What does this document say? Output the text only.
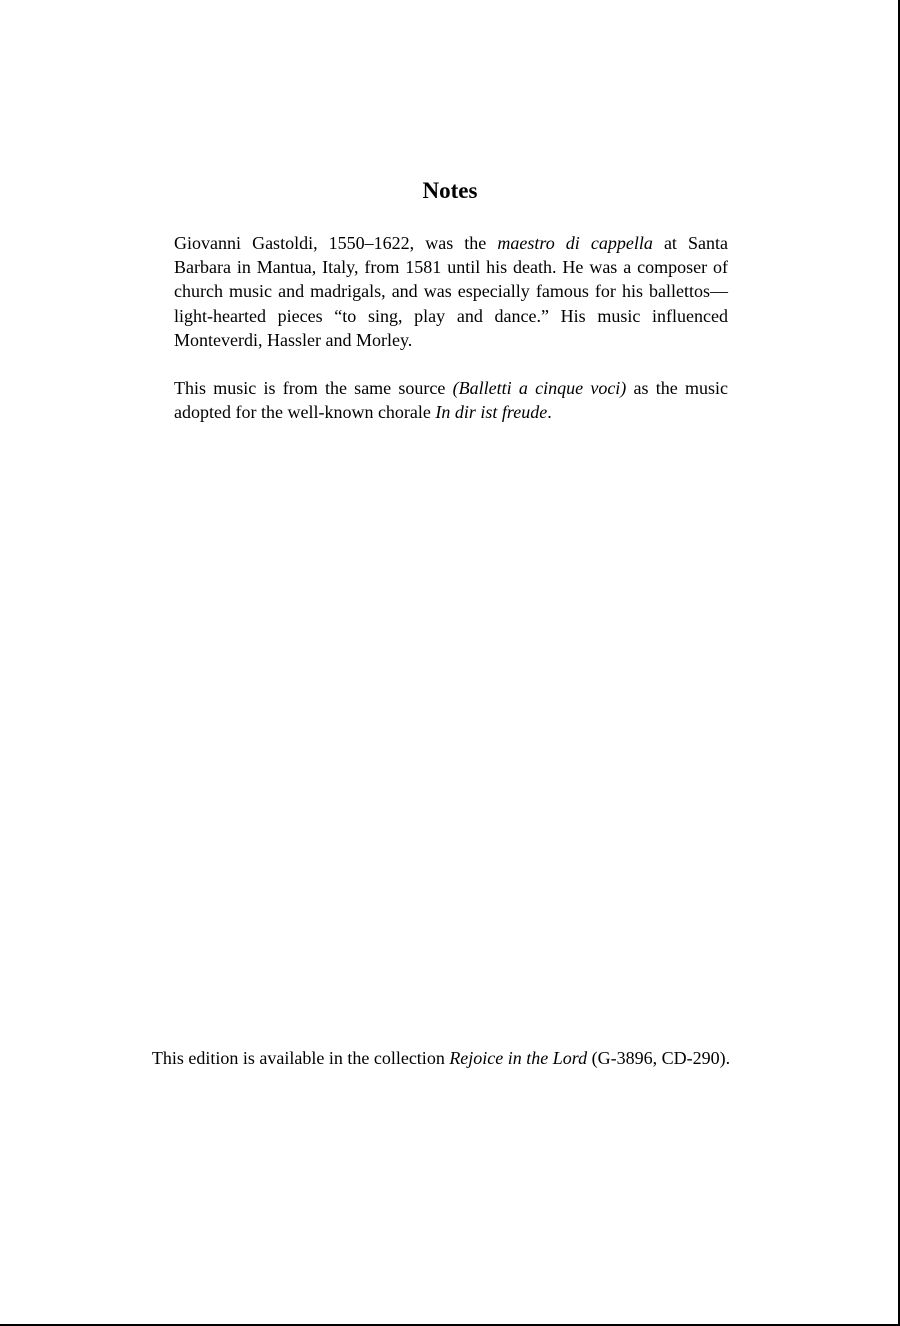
Notes

Giovanni Gastoldi, 1550–1622, was the maestro di cappella at Santa Barbara in Mantua, Italy, from 1581 until his death. He was a composer of church music and madrigals, and was especially famous for his ballettos—light-hearted pieces “to sing, play and dance.” His music influenced Monteverdi, Hassler and Morley.

This music is from the same source (Balletti a cinque voci) as the music adopted for the well-known chorale In dir ist freude.

This edition is available in the collection Rejoice in the Lord (G-3896, CD-290).
